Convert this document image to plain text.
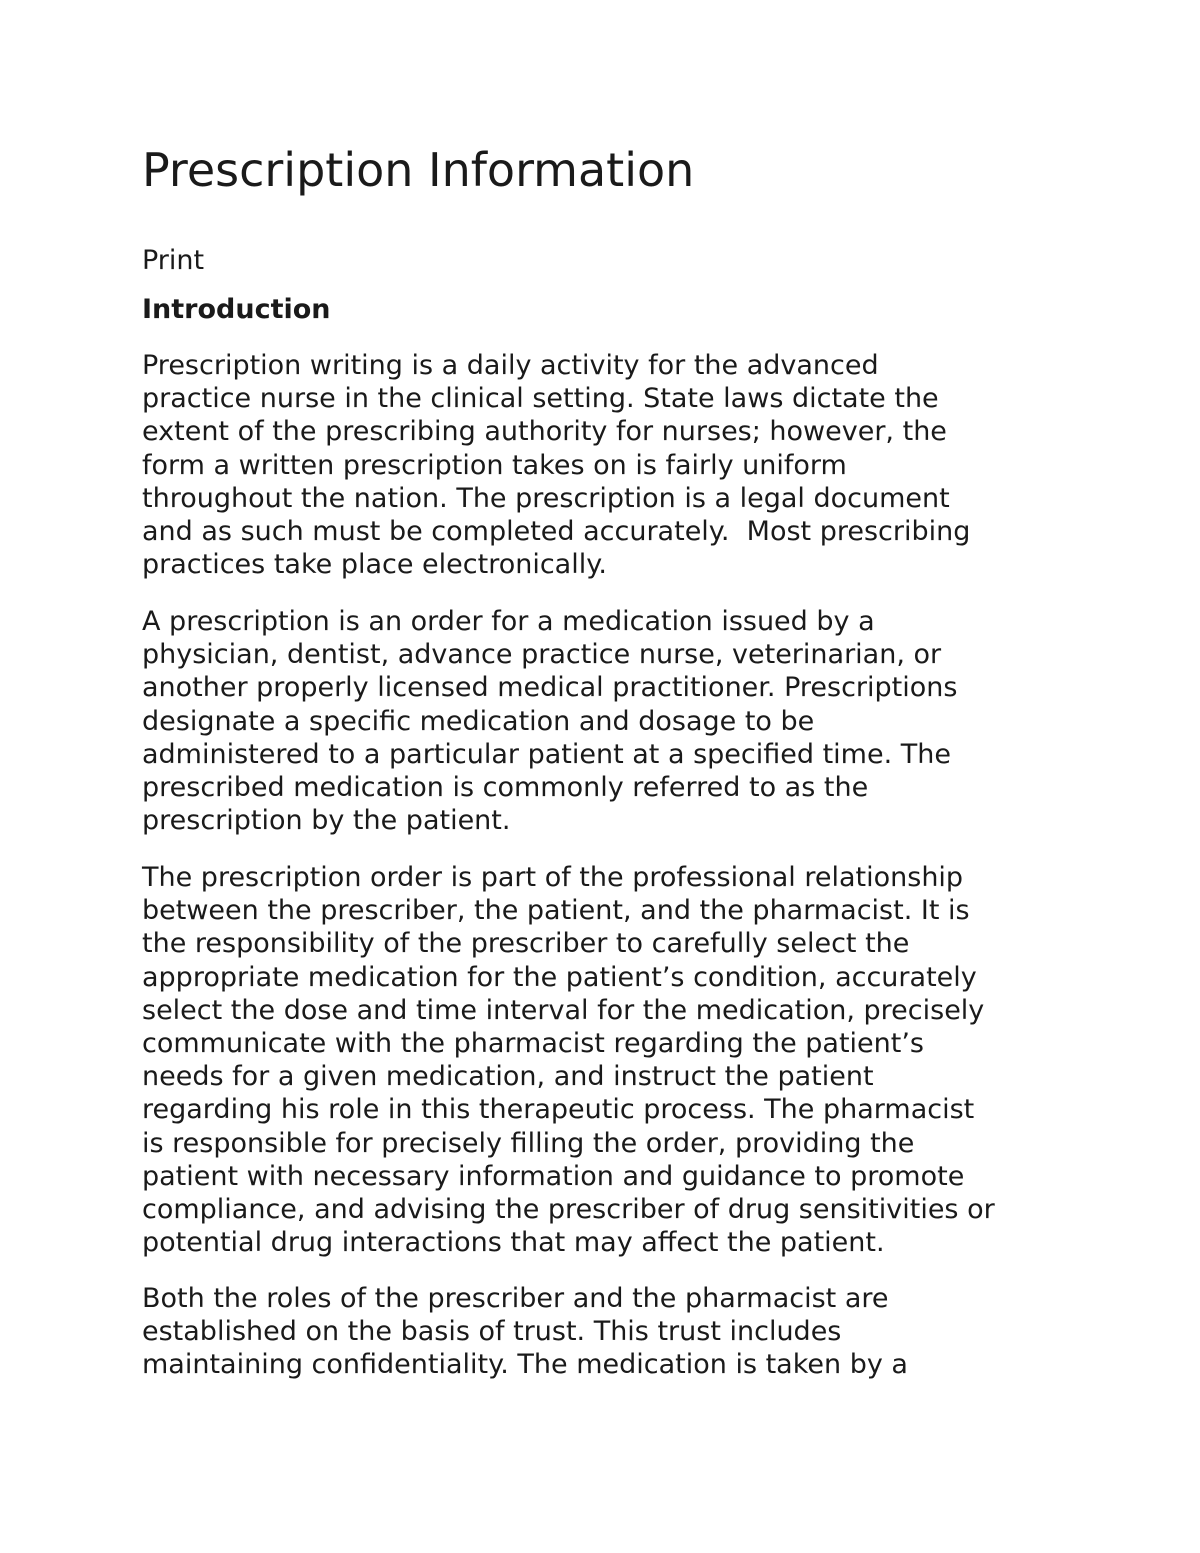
Prescription Information
Print
Introduction

Prescription writing is a daily activity for the advanced
practice nurse in the clinical setting. State laws dictate the
extent of the prescribing authority for nurses; however, the
form a written prescription takes on is fairly uniform
throughout the nation. The prescription is a legal document
and as such must be completed accurately.  Most prescribing
practices take place electronically.

A prescription is an order for a medication issued by a
physician, dentist, advance practice nurse, veterinarian, or
another properly licensed medical practitioner. Prescriptions
designate a specific medication and dosage to be
administered to a particular patient at a specified time. The
prescribed medication is commonly referred to as the
prescription by the patient.

The prescription order is part of the professional relationship
between the prescriber, the patient, and the pharmacist. It is
the responsibility of the prescriber to carefully select the
appropriate medication for the patient’s condition, accurately
select the dose and time interval for the medication, precisely
communicate with the pharmacist regarding the patient’s
needs for a given medication, and instruct the patient
regarding his role in this therapeutic process. The pharmacist
is responsible for precisely filling the order, providing the
patient with necessary information and guidance to promote
compliance, and advising the prescriber of drug sensitivities or
potential drug interactions that may affect the patient.

Both the roles of the prescriber and the pharmacist are
established on the basis of trust. This trust includes
maintaining confidentiality. The medication is taken by a
